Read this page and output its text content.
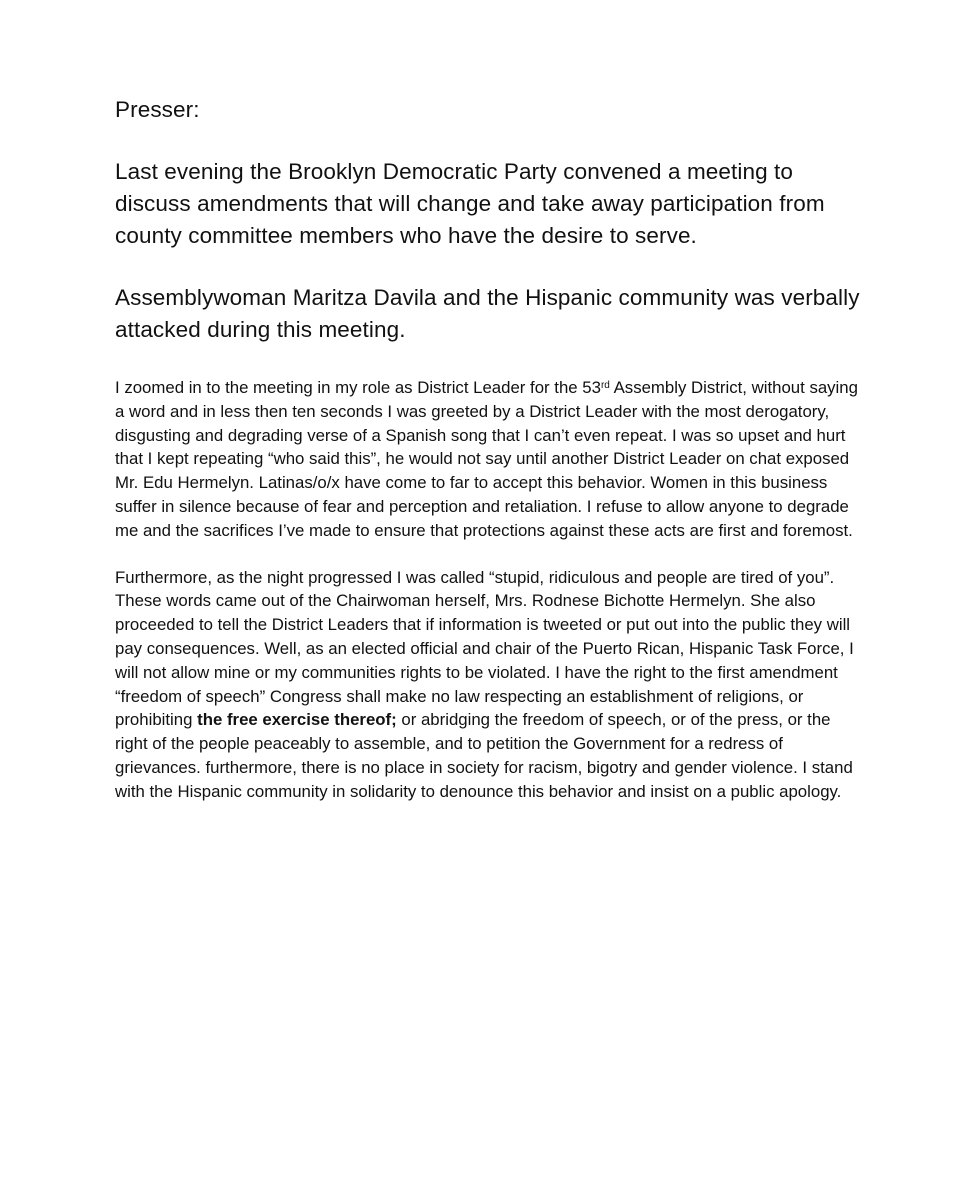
Presser:

Last evening the Brooklyn Democratic Party convened a meeting to discuss amendments that will change and take away participation from county committee members who have the desire to serve.

Assemblywoman Maritza Davila and the Hispanic community was verbally attacked during this meeting.

I zoomed in to the meeting in my role as District Leader for the 53rd Assembly District, without saying a word and in less then ten seconds I was greeted by a District Leader with the most derogatory, disgusting and degrading verse of a Spanish song that I can’t even repeat. I was so upset and hurt that I kept repeating “who said this”, he would not say until another District Leader on chat exposed Mr. Edu Hermelyn. Latinas/o/x have come to far to accept this behavior. Women in this business suffer in silence because of fear and perception and retaliation. I refuse to allow anyone to degrade me and the sacrifices I’ve made to ensure that protections against these acts are first and foremost.

Furthermore, as the night progressed I was called “stupid, ridiculous and people are tired of you”. These words came out of the Chairwoman herself, Mrs. Rodnese Bichotte Hermelyn. She also proceeded to tell the District Leaders that if information is tweeted or put out into the public they will pay consequences. Well, as an elected official and chair of the Puerto Rican, Hispanic Task Force, I will not allow mine or my communities rights to be violated. I have the right to the first amendment “freedom of speech” Congress shall make no law respecting an establishment of religions, or prohibiting the free exercise thereof; or abridging the freedom of speech, or of the press, or the right of the people peaceably to assemble, and to petition the Government for a redress of grievances. furthermore, there is no place in society for racism, bigotry and gender violence. I stand with the Hispanic community in solidarity to denounce this behavior and insist on a public apology.
